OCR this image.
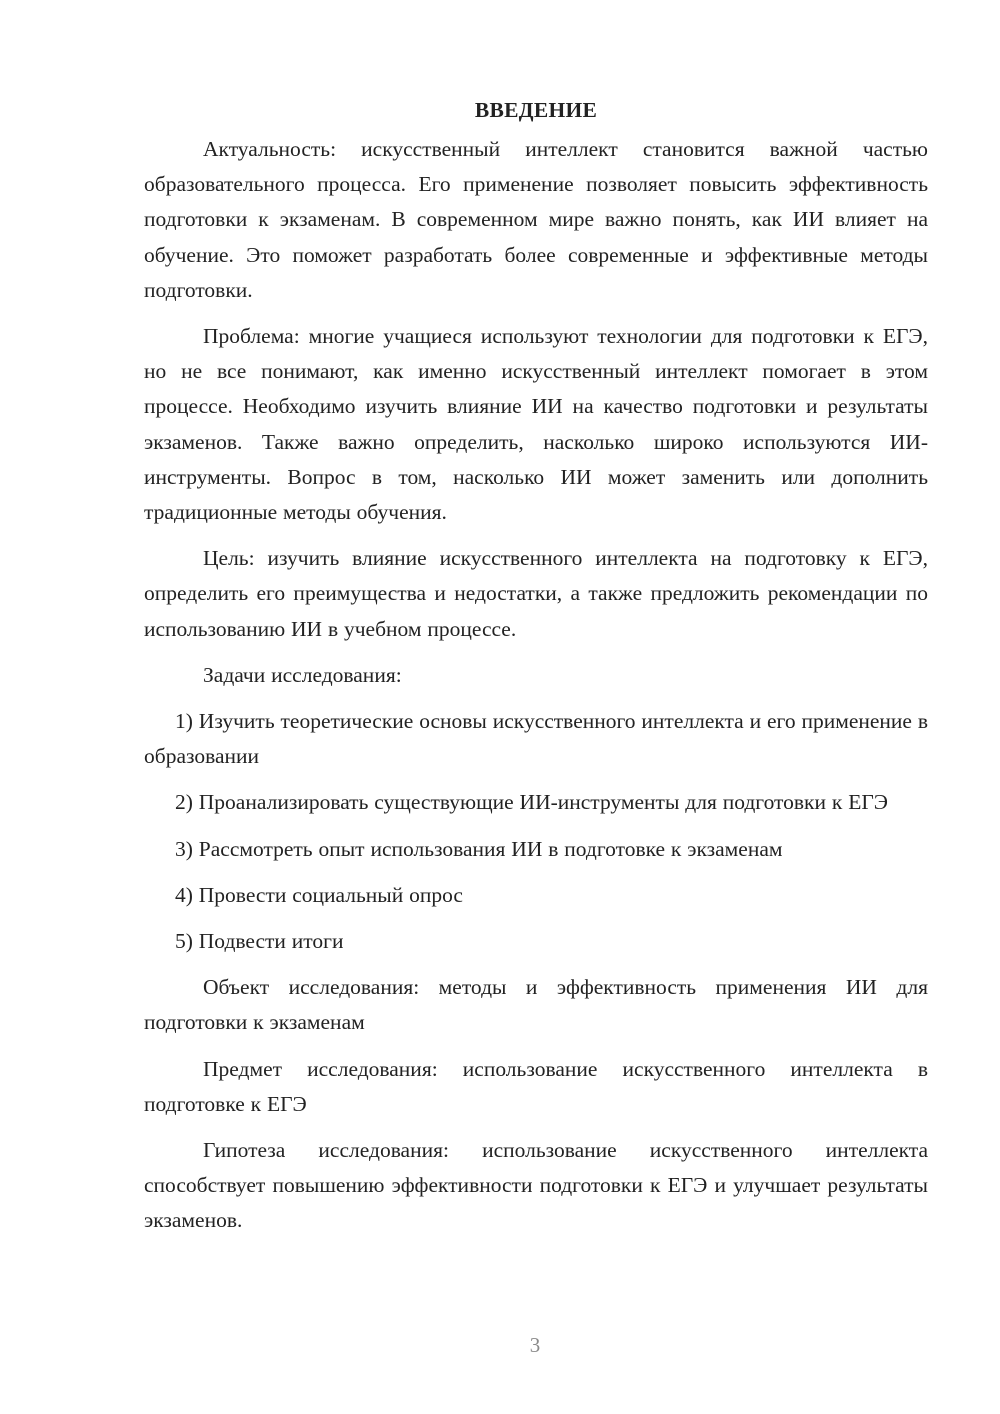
ВВЕДЕНИЕ

Актуальность: искусственный интеллект становится важной частью образовательного процесса. Его применение позволяет повысить эффективность подготовки к экзаменам. В современном мире важно понять, как ИИ влияет на обучение. Это поможет разработать более современные и эффективные методы подготовки.

Проблема: многие учащиеся используют технологии для подготовки к ЕГЭ, но не все понимают, как именно искусственный интеллект помогает в этом процессе. Необходимо изучить влияние ИИ на качество подготовки и результаты экзаменов. Также важно определить, насколько широко используются ИИ-инструменты. Вопрос в том, насколько ИИ может заменить или дополнить традиционные методы обучения.

Цель: изучить влияние искусственного интеллекта на подготовку к ЕГЭ, определить его преимущества и недостатки, а также предложить рекомендации по использованию ИИ в учебном процессе.

Задачи исследования:

1) Изучить теоретические основы искусственного интеллекта и его применение в образовании

2) Проанализировать существующие ИИ-инструменты для подготовки к ЕГЭ

3) Рассмотреть опыт использования ИИ в подготовке к экзаменам

4) Провести социальный опрос

5) Подвести итоги

Объект исследования: методы и эффективность применения ИИ для подготовки к экзаменам

Предмет исследования: использование искусственного интеллекта в подготовке к ЕГЭ

Гипотеза исследования: использование искусственного интеллекта способствует повышению эффективности подготовки к ЕГЭ и улучшает результаты экзаменов.

3
